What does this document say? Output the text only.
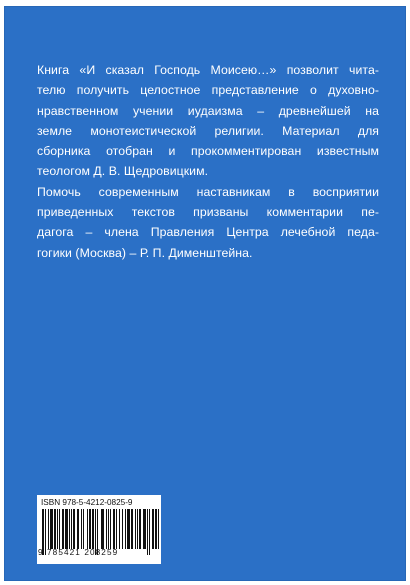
Книга «И сказал Господь Моисею…» позволит чита-
телю получить целостное представление о духовно-
нравственном учении иудаизма – древнейшей на
земле монотеистической религии. Материал для
сборника отобран и прокомментирован известным
теологом Д. В. Щедровицким.
Помочь современным наставникам в восприятии
приведенных текстов призваны комментарии пе-
дагога – члена Правления Центра лечебной педа-
гогики (Москва) – Р. П. Дименштейна.
ISBN 978-5-4212-0825-9
9 785421 208259
